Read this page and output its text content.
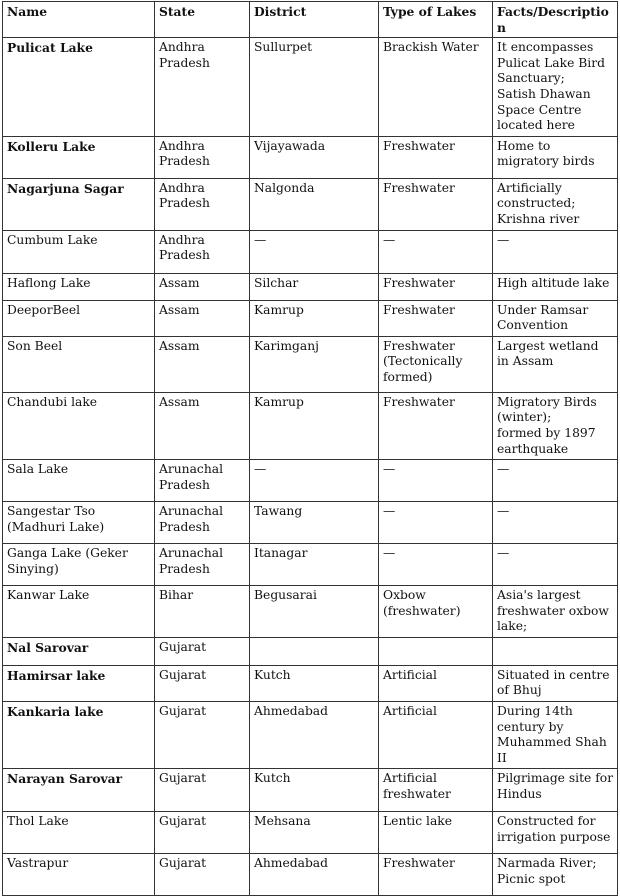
Name	State	District	Type of Lakes	Facts/Description
Pulicat Lake	Andhra Pradesh	Sullurpet	Brackish Water	It encompasses Pulicat Lake Bird Sanctuary;
Satish Dhawan Space Centre located here
Kolleru Lake	Andhra Pradesh	Vijayawada	Freshwater	Home to migratory birds
Nagarjuna Sagar	Andhra Pradesh	Nalgonda	Freshwater	Artificially constructed;
Krishna river
Cumbum Lake	Andhra Pradesh	—	—	—
Haflong Lake	Assam	Silchar	Freshwater	High altitude lake
DeeporBeel	Assam	Kamrup	Freshwater	Under Ramsar Convention
Son Beel	Assam	Karimganj	Freshwater (Tectonically formed)	Largest wetland in Assam
Chandubi lake	Assam	Kamrup	Freshwater	Migratory Birds (winter);
formed by 1897 earthquake
Sala Lake	Arunachal Pradesh	—	—	—
Sangestar Tso (Madhuri Lake)	Arunachal Pradesh	Tawang	—	—
Ganga Lake (Geker Sinying)	Arunachal Pradesh	Itanagar	—	—
Kanwar Lake	Bihar	Begusarai	Oxbow (freshwater)	Asia's largest freshwater oxbow lake;
Nal Sarovar	Gujarat			
Hamirsar lake	Gujarat	Kutch	Artificial	Situated in centre of Bhuj
Kankaria lake	Gujarat	Ahmedabad	Artificial	During 14th century by Muhammed Shah II
Narayan Sarovar	Gujarat	Kutch	Artificial freshwater	Pilgrimage site for Hindus
Thol Lake	Gujarat	Mehsana	Lentic lake	Constructed for irrigation purpose
Vastrapur	Gujarat	Ahmedabad	Freshwater	Narmada River;
Picnic spot
